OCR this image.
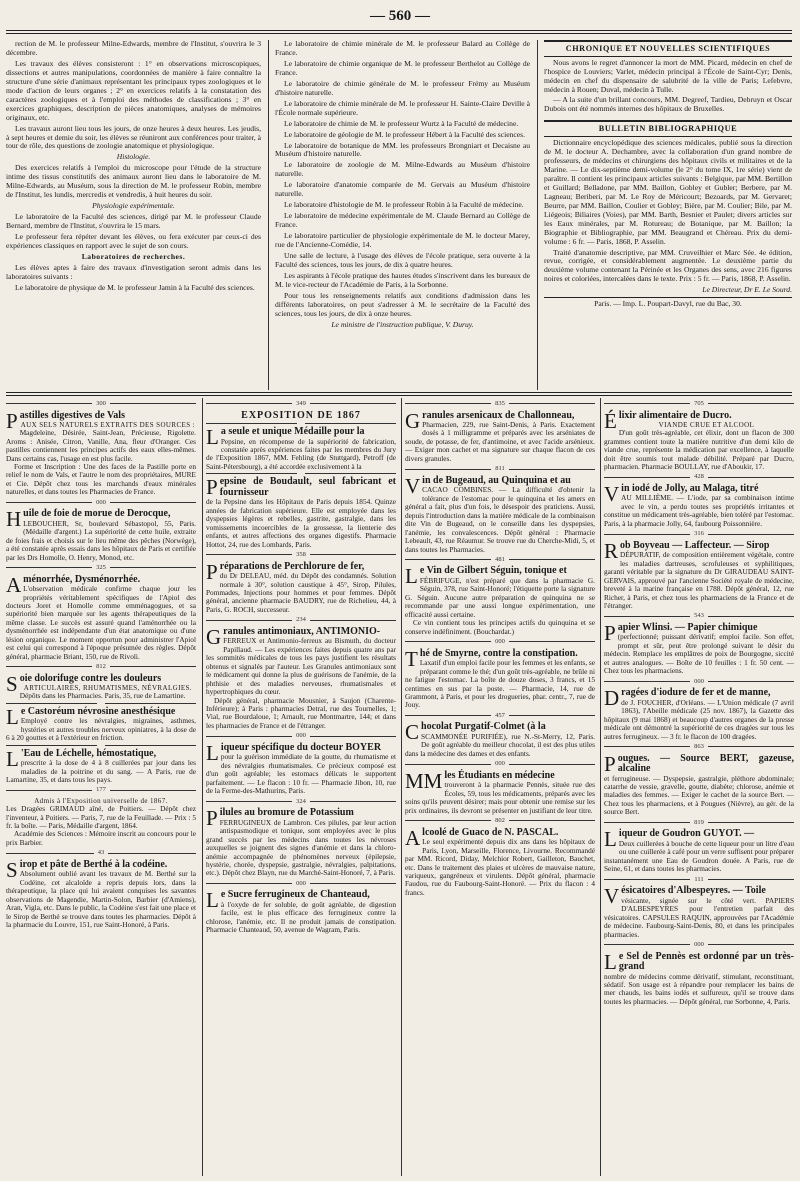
— 560 —

rection de M. le professeur Milne-Edwards, membre de l'Institut, s'ouvrira le 3 décembre.

Les travaux des élèves consisteront : 1° en observations microscopiques, dissections et autres manipulations, coordonnées de manière à faire connaître la structure d'une série d'animaux représentant les principaux types zoologiques et le mode d'action de leurs organes ; 2° en exercices relatifs à la constatation des caractères zoologiques et à l'emploi des méthodes de classifications ; 3° en exercices graphiques, description de pièces anatomiques, analyses de mémoires originaux, etc.

Les travaux auront lieu tous les jours, de onze heures à deux heures. Les jeudis, à sept heures et demie du soir, les élèves se réuniront aux conférences pour traiter, à tour de rôle, des questions de zoologie anatomique et physiologique.

Histologie.

Des exercices relatifs à l'emploi du microscope pour l'étude de la structure intime des tissus constitutifs des animaux auront lieu dans le laboratoire de M. Milne-Edwards, au Muséum, sous la direction de M. le professeur Robin, membre de l'Institut, les lundis, mercredis et vendredis, à huit heures du soir.

Physiologie expérimentale.

Le laboratoire de la Faculté des sciences, dirigé par M. le professeur Claude Bernard, membre de l'Institut, s'ouvrira le 15 mars.

Le professeur fera répéter devant les élèves, ou fera exécuter par ceux-ci des expériences classiques en rapport avec le sujet de son cours.

Laboratoires de recherches.

Les élèves aptes à faire des travaux d'investigation seront admis dans les laboratoires suivants :

Le laboratoire de physique de M. le professeur Jamin à la Faculté des sciences.

Le laboratoire de chimie minérale de M. le professeur Balard au Collège de France.

Le laboratoire de chimie organique de M. le professeur Berthelot au Collège de France.

Le laboratoire de chimie générale de M. le professeur Frémy au Muséum d'histoire naturelle.

Le laboratoire de chimie minérale de M. le professeur H. Sainte-Claire Deville à l'École normale supérieure.

Le laboratoire de chimie de M. le professeur Wurtz à la Faculté de médecine.

Le laboratoire de géologie de M. le professeur Hébert à la Faculté des sciences.

Le laboratoire de botanique de MM. les professeurs Brongniart et Decaisne au Muséum d'histoire naturelle.

Le laboratoire de zoologie de M. Milne-Edwards au Muséum d'histoire naturelle.

Le laboratoire d'anatomie comparée de M. Gervais au Muséum d'histoire naturelle.

Le laboratoire d'histologie de M. le professeur Robin à la Faculté de médecine.

Le laboratoire de médecine expérimentale de M. Claude Bernard au Collège de France.

Le laboratoire particulier de physiologie expérimentale de M. le docteur Marey, rue de l'Ancienne-Comédie, 14.

Une salle de lecture, à l'usage des élèves de l'école pratique, sera ouverte à la Faculté des sciences, tous les jours, de dix à quatre heures.

Les aspirants à l'école pratique des hautes études s'inscrivent dans les bureaux de M. le vice-recteur de l'Académie de Paris, à la Sorbonne.

Pour tous les renseignements relatifs aux conditions d'admission dans les différents laboratoires, on peut s'adresser à M. le secrétaire de la Faculté des sciences, tous les jours, de dix à onze heures.

Le ministre de l'instruction publique, V. Duruy.

CHRONIQUE ET NOUVELLES SCIENTIFIQUES

Nous avons le regret d'annoncer la mort de MM. Picard, médecin en chef de l'hospice de Louviers; Varlet, médecin principal à l'École de Saint-Cyr; Denis, médecin en chef du dispensaire de salubrité de la ville de Paris; Lefebvre, médecin à Rouen; Duval, médecin à Tulle.

— A la suite d'un brillant concours, MM. Degreef, Tardieu, Debruyn et Oscar Dubois ont été nommés internes des hôpitaux de Bruxelles.

BULLETIN BIBLIOGRAPHIQUE

Dictionnaire encyclopédique des sciences médicales, publié sous la direction de M. le docteur A. Dechambre, avec la collaboration d'un grand nombre de professeurs, de médecins et chirurgiens des hôpitaux civils et militaires et de la Marine. — Le dix-septième demi-volume (le 2° du tome IX, 1re série) vient de paraître. Il contient les principaux articles suivants : Belgique, par MM. Bertillon et Guillard; Belladone, par MM. Baillon, Gobley et Gubler; Berbere, par M. Lagneau; Beriberi, par M. Le Roy de Méricourt; Bezoards, par M. Gervaret; Beurre, par MM. Baillon, Coulier et Gobley; Bière, par M. Coulier; Bile, par M. Liégeois; Biliaires (Voies), par MM. Barth, Besnier et Paulet; divers articles sur les Eaux minérales, par M. Rotureau; de Botanique, par M. Baillon; la Biographie et Bibliographie, par MM. Beaugrand et Chéreau. Prix du demi-volume : 6 fr. — Paris, 1868, P. Asselin.

Traité d'anatomie descriptive, par MM. Cruveilhier et Marc Sée. 4e édition, revue, corrigée, et considérablement augmentée. Le deuxième partie du deuxième volume contenant la Périnée et les Organes des sens, avec 216 figures noires et coloriées, intercalées dans le texte. Prix : 5 fr. — Paris, 1868, P. Asselin.

Le Directeur, Dr E. Le Sourd.

Paris. — Imp. L. Poupart-Davyl, rue du Bac, 30.

300

Pastilles digestives de Vals

AUX SELS NATURELS EXTRAITS DES SOURCES :

Magdeleine, Désirée, Saint-Jean, Précieuse, Rigolette. Aroms : Anisée, Citron, Vanille, Ana, fleur d'Oranger. Ces pastilles contiennent les principes actifs des eaux elles-mêmes. Dans certains cas, l'usage en est plus facile.

Forme et Inscription : Une des faces de la Pastille porte en relief le nom de Vals, et l'autre le nom des propriétaires, MURE et Cie. Dépôt chez tous les marchands d'eaux minérales naturelles, et dans toutes les Pharmacies de France.

000

Huile de foie de morue de Derocque,

LEBOUCHER, Sr, boulevard Sébastopol, 55, Paris. (Médaille d'argent.) La supériorité de cette huile, extraite de foies frais et choisis sur le lieu même des pêches (Norwège), a été constatée après essais dans les hôpitaux de Paris et certifiée par les Drs Homolle, O. Henry, Monod, etc.

325

Aménorrhée, Dysménorrhée.

L'observation médicale confirme chaque jour les propriétés véritablement spécifiques de l'Apiol des docteurs Joret et Homolle comme emménagogues, et sa supériorité bien marquée sur les agents thérapeutiques de la même classe. Le succès est assuré quand l'aménorrhée ou la dysménorrhée est indépendante d'un état anatomique ou d'une lésion organique. Le moment opportun pour administrer l'Apiol est celui qui correspond à l'époque présumée des règles. Dépôt général, pharmacie Briant, 150, rue de Rivoli.

812

Soie dolorifuge contre les douleurs

ARTICULAIRES, RHUMATISMES, NÉVRALGIES.

Dépôts dans les Pharmacies. Paris, 35, rue de Lamartine.

Le Castoréum névrosine anesthésique

Employé contre les névralgies, migraines, asthmes, hystéries et autres troubles nerveux opiniatres, à la dose de 6 à 20 gouttes et à l'extérieur en friction.

L 'Eau de Léchelle, hémostatique,

prescrite à la dose de 4 à 8 cuillerées par jour dans les maladies de la poitrine et du sang. — A Paris, rue de Lamartine, 35, et dans tous les pays.

177

Admis à l'Exposition universelle de 1867.

Les Dragées GRIMAUD aîné, de Poitiers. — Dépôt chez l'inventeur, à Poitiers. — Paris, 7, rue de la Feuillade. — Prix : 5 fr. la boîte. — Paris, Médaille d'argent, 1864.

Académie des Sciences : Mémoire inscrit au concours pour le prix Barbier.

43

Sirop et pâte de Berthé à la codéine.

Absolument oublié avant les travaux de M. Berthé sur la Codéine, cet alcaloïde a repris depuis lors, dans la thérapeutique, la place qui lui avaient conquises les savantes observations de Magendie, Martin-Solon, Barbier (d'Amiens), Aran, Vigla, etc. Dans le public, la Codéine s'est fait une place et le Sirop de Berthé se trouve dans toutes les pharmacies. Dépôt à la pharmacie du Louvre, 151, rue Saint-Honoré, à Paris.

349

EXPOSITION DE 1867

La seule et unique Médaille pour la

Pepsine, en récompense de la supériorité de fabrication, constatée après expériences faites par les membres du Jury de l'Exposition 1867, MM. Fehling (de Stuttgard), Petroff (de Saint-Pétersbourg), a été accordée exclusivement à la

Pepsine de Boudault, seul fabricant et fournisseur

de la Pepsine dans les Hôpitaux de Paris depuis 1854. Quinze années de fabrication supérieure. Elle est employée dans les dyspepsies légères et rebelles, gastrite, gastralgie, dans les vomissements incoercibles de la grossesse, la lienterie des enfants, et autres affections des organes digestifs. Pharmacie Hottot, 24, rue des Lombards, Paris.

358

Préparations de Perchlorure de fer,

du Dr DELEAU, méd. du Dépôt des condamnés. Solution normale à 30°, solution caustique à 45°, Sirop, Pilules, Pommades, Injections pour hommes et pour femmes. Dépôt général, ancienne pharmacie BAUDRY, rue de Richelieu, 44, à Paris, G. ROCH, successeur.

234

Granules antimoniaux, ANTIMONIO-

FERREUX et Antimonio-ferreux au Bismuth, du docteur Papillaud. — Les expériences faites depuis quatre ans par les sommités médicales de tous les pays justifient les résultats obtenus et signalés par l'auteur. Les Granules antimoniaux sont le médicament qui donne la plus de guérisons de l'anémie, de la phthisie et des maladies nerveuses, rhumatismales et hypertrophiques du cœur.

Dépôt général, pharmacie Mousnier, à Saujon (Charente-Inférieure); à Paris : pharmacies Detral, rue des Tournelles, 1; Vial, rue Bourdaloue, 1; Arnault, rue Montmartre, 144; et dans les pharmacies de France et de l'étranger.

000

Liqueur spécifique du docteur BOYER

pour la guérison immédiate de la goutte, du rhumatisme et des névralgies rhumatismales. Ce précieux composé est d'un goût agréable; les estomacs délicats le supportent parfaitement. — Le flacon : 10 fr. — Pharmacie Jibon, 10, rue de la Ferme-des-Mathurins, Paris.

324

Pilules au bromure de Potassium

FERRUGINEUX de Lambron. Ces pilules, par leur action antispasmodique et tonique, sont employées avec le plus grand succès par les médecins dans toutes les névroses auxquelles se joignent des signes d'anémie et dans la chloro-anémie accompagnée de phénomènes nerveux (épilepsie, hystérie, chorée, dyspepsie, gastralgie, névralgies, palpitations, etc.). Dépôt chez Blayn, rue du Marché-Saint-Honoré, 7, à Paris.

000

Le Sucre ferrugineux de Chanteaud,

à l'oxyde de fer soluble, de goût agréable, de digestion facile, est le plus efficace des ferrugineux contre la chlorose, l'anémie, etc. Il ne produit jamais de constipation. Pharmacie Chanteaud, 50, avenue de Wagram, Paris.

835

Granules arsenicaux de Challonneau,

Pharmacien, 229, rue Saint-Denis, à Paris. Exactement dosés à 1 milligramme et préparés avec les arséniates de soude, de potasse, de fer, d'antimoine, et avec l'acide arsénieux. — Exiger mon cachet et ma signature sur chaque flacon de ces divers granules.

811

Vin de Bugeaud, au Quinquina et au

CACAO COMBINES. — La difficulté d'obtenir la tolérance de l'estomac pour le quinquina et les amers en général a fait, plus d'un fois, le désespoir des praticiens. Aussi, depuis l'introduction dans la matière médicale de la combinaison dite Vin de Bugeaud, on le conseille dans les dyspepsies, l'anémie, les convalescences. Dépôt général : Pharmacie Lebeault, 43, rue Réaumur. Se trouve rue du Cherche-Midi, 5, et dans toutes les Pharmacies.

481

Le Vin de Gilbert Séguin, tonique et

FÉBRIFUGE, n'est préparé que dans la pharmacie G. Séguin, 378, rue Saint-Honoré; l'étiquette porte la signature G. Séguin. Aucune autre préparation de quinquina ne se recommande par une aussi longue expérimentation, une efficacité aussi certaine.

Ce vin contient tous les principes actifs du quinquina et se conserve indéfiniment. (Bouchardat.)

000

Thé de Smyrne, contre la constipation.

Laxatif d'un emploi facile pour les femmes et les enfants, se préparant comme le thé; d'un goût très-agréable, ne brûle ni ne fatigue l'estomac. La boîte de douze doses, 3 francs, et 15 centimes en sus par la poste. — Pharmacie, 14, rue de Grammont, à Paris, et pour les drogueries, phar. centr., 7, rue de Jouy.

457

Chocolat Purgatif-Colmet (à la

SCAMMONÉE PURIFIÉE), rue N.-St-Merry, 12, Paris. De goût agréable du meilleur chocolat, il est des plus utiles dans la médecine des dames et des enfants.

000

MM les Étudiants en médecine

trouveront à la pharmacie Pennès, située rue des Écoles, 59, tous les médicaments, préparés avec les soins qu'ils peuvent désirer; mais pour obtenir une remise sur les prix ordinaires, ils devront se présenter en justifiant de leur titre.

802

Alcoolé de Guaco de N. PASCAL.

Le seul expérimenté depuis dix ans dans les hôpitaux de Paris, Lyon, Marseille, Florence, Livourne. Recommandé par MM. Ricord, Diday, Melchior Robert, Gailleton, Bauchet, etc. Dans le traitement des plaies et ulcères de mauvaise nature, variqueux, gangréneux et virulents. Dépôt général, pharmacie Faudou, rue du Faubourg-Saint-Honoré. — Prix du flacon : 4 francs.

705

Élixir alimentaire de Ducro.

VIANDE CRUE ET ALCOOL

D'un goût très-agréable, cet élixir, dont un flacon de 300 grammes contient toute la matière nutritive d'un demi kilo de viande crue, représente la médication par excellence, à laquelle doit être soumis tout malade débilité. Préparé par Ducro, pharmacien. Pharmacie BOULLAY, rue d'Aboukir, 17.

428

Vin iodé de Jolly, au Malaga, titré

AU MILLIÈME. — L'iode, par sa combinaison intime avec le vin, a perdu toutes ses propriétés irritantes et constitue un médicament très-agréable, bien toléré par l'estomac. Paris, à la pharmacie Jolly, 64, faubourg Poissonnière.

316

Rob Boyveau — Laffecteur. — Sirop

DÉPURATIF, de composition entièrement végétale, contre les maladies dartreuses, scrofuleuses et syphilitiques, garanti véritable par la signature du Dr GIRAUDEAU SAINT-GERVAIS, approuvé par l'ancienne Société royale de médecine, breveté à la marine française en 1788. Dépôt général, 12, rue Richer, à Paris, et chez tous les pharmaciens de la France et de l'étranger.

543

Papier Wlinsi. — Papier chimique

(perfectionné; puissant dérivatif; emploi facile. Son effet, prompt et sûr, peut être prolongé suivant le désir du médecin. Remplace les emplâtres de poix de Bourgogne, siccité et autres analogues. — Boîte de 10 feuilles : 1 fr. 50 cent. — Chez tous les pharmaciens.

000

Dragées d'iodure de fer et de manne,

de J. FOUCHER, d'Orléans. — L'Union médicale (7 avril 1863), l'Abeille médicale (25 nov. 1867), la Gazette des hôpitaux (9 mai 1868) et beaucoup d'autres organes de la presse médicale ont démontré la supériorité de ces dragées sur tous les autres ferrugineux. — 3 fr. le flacon de 100 dragées.

863

Pougues. — Source BERT, gazeuse, alcaline

et ferrugineuse. — Dyspepsie, gastralgie, pléthore abdominale; catarrhe de vessie, gravelle, goutte, diabète; chlorose, anémie et maladies des femmes. — Exiger le cachet de la source Bert. — Chez tous les pharmaciens, et à Pougues (Nièvre), au gér. de la source Bert.

819

Liqueur de Goudron GUYOT. —

Deux cuillerées à bouche de cette liqueur pour un litre d'eau ou une cuillerée à café pour un verre suffisent pour préparer instantanément une Eau de Goudron douée. A Paris, rue de Seine, 61, et dans toutes les pharmacies.

111

Vésicatoires d'Albespeyres. — Toile

vésicante, signée sur le côté vert. PAPIERS D'ALBESPEYRES pour l'entretien parfait des vésicatoires. CAPSULES RAQUIN, approuvées par l'Académie de médecine. Faubourg-Saint-Denis, 80, et dans les principales pharmacies.

000

Le Sel de Pennès est ordonné par un très-grand

nombre de médecins comme dérivatif, stimulant, reconstituant, sédatif. Son usage est à répandre pour remplacer les bains de mer chauds, les bains iodés et sulfureux, qu'il se trouve dans toutes les pharmacies. — Dépôt général, rue Sorbonne, 4, Paris.
